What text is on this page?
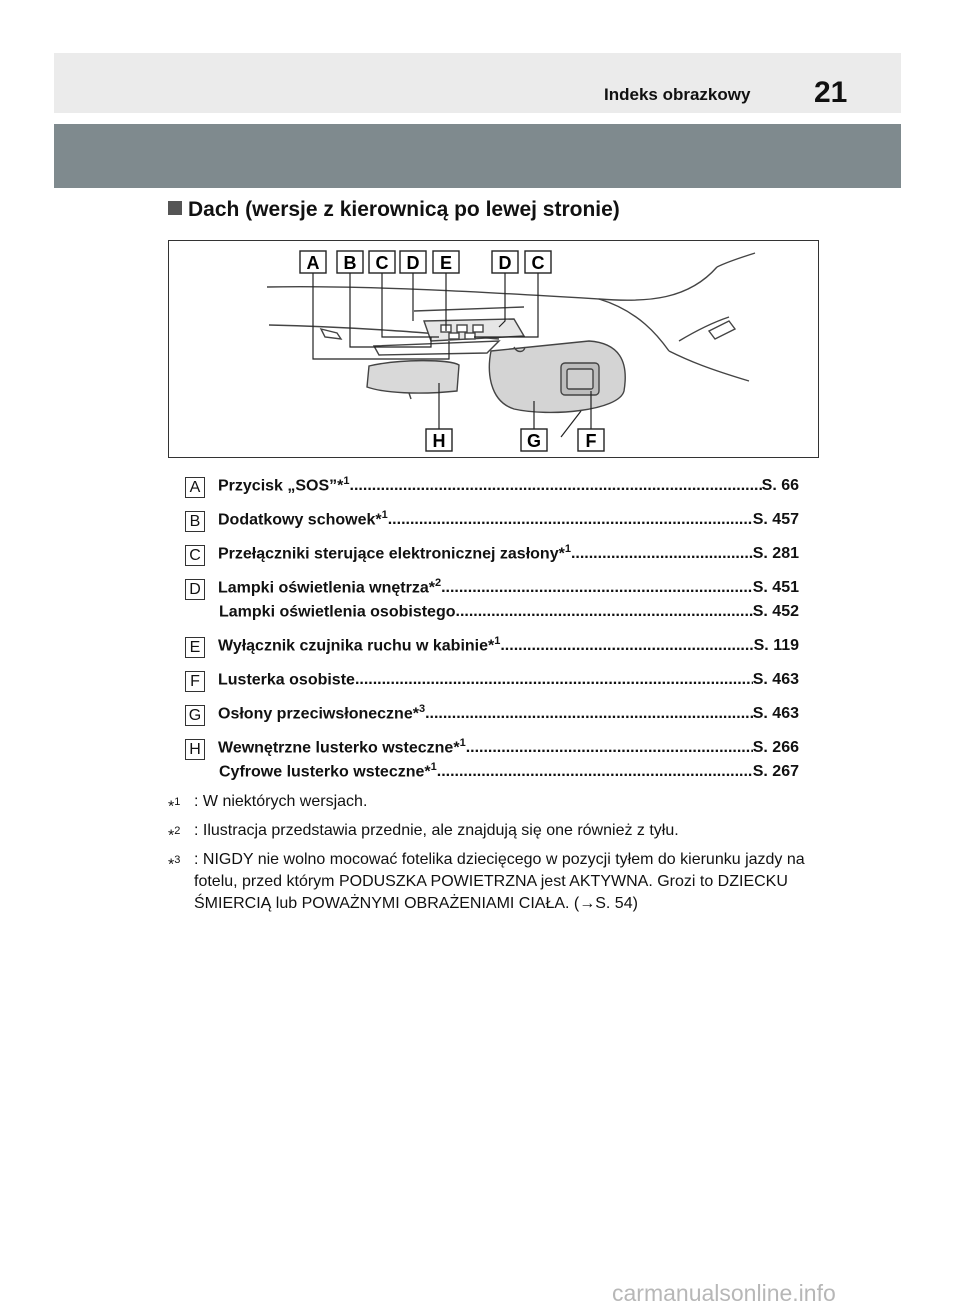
Indeks obrazkowy 21
Dach (wersje z kierownicą po lewej stronie)
A B C D E	D C
H	G F
A Przycisk „SOS”*$^1$ .....	S. 66
B Dodatkowy schowek*$^1$ .....	S. 457
C Przełączniki sterujące elektronicznej zasłony*$^1$ .....	S. 281
D Lampki oświetlenia wnętrza*$^2$ .....	S. 451
Lampki oświetlenia osobistego .....	S. 452
E Wyłącznik czujnika ruchu w kabinie*$^1$ .....	S. 119
F	Lusterka osobiste .....	S. 463
G Osłony przeciwsłoneczne*$^3$ .....	S. 463
H Wewnętrzne lusterko wsteczne*$^1$ .....	S. 266
Cyfrowe lusterko wsteczne*$^1$ .....	S. 267
*$^1$ : W niektórych wersjach.
*$^2$ : Ilustracja przedstawia przednie, ale znajdują się one również z tyłu.
*$^3$ : NIGDY nie wolno mocować fotelika dziecięcego w pozycji tyłem do kierunku jazdy na fotelu, przed którym PODUSZKA POWIETRZNA jest AKTYWNA. Grozi to DZIECKU ŚMIERCIĄ lub POWAŻNYMI OBRAŻENIAMI CIAŁA. (→S. 54)
carmanualsonline.info
